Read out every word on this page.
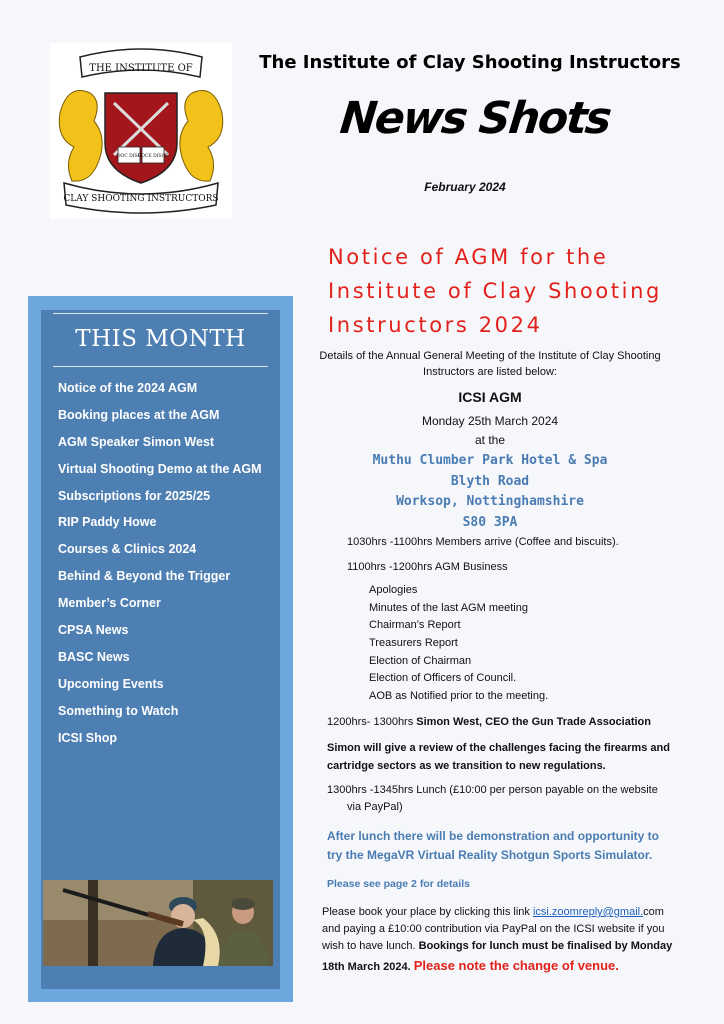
THE INSTITUTE OF
DOC DISC
DOCE DISCE
CLAY SHOOTING INSTRUCTORS
The Institute of Clay Shooting Instructors
News Shots
February 2024
THIS MONTH
Notice of the 2024 AGM
Booking places at the AGM
AGM Speaker Simon West
Virtual Shooting Demo at the AGM
Subscriptions for 2025/25
RIP Paddy Howe
Courses & Clinics 2024
Behind & Beyond the Trigger
Member’s Corner
CPSA News
BASC News
Upcoming Events
Something to Watch
ICSI Shop
Notice of AGM for the
Institute of Clay Shooting
Instructors 2024
Details of the Annual General Meeting of the Institute of Clay Shooting Instructors are listed below:
ICSI AGM
Monday 25th March 2024
at the
Muthu Clumber Park Hotel & Spa
Blyth Road
Worksop, Nottinghamshire
S80 3PA
1030hrs -1100hrs Members arrive (Coffee and biscuits).
1100hrs -1200hrs AGM Business
Apologies
Minutes of the last AGM meeting
Chairman’s Report
Treasurers Report
Election of Chairman
Election of Officers of Council.
AOB as Notified prior to the meeting.
1200hrs- 1300hrs Simon West, CEO the Gun Trade Association
Simon will give a review of the challenges facing the firearms and
cartridge sectors as we transition to new regulations.
1300hrs -1345hrs Lunch (£10:00 per person payable on the website
via PayPal)
After lunch there will be demonstration and opportunity to
try the MegaVR Virtual Reality Shotgun Sports Simulator.
Please see page 2 for details
Please book your place by clicking this link icsi.zoomreply@gmail.com
and paying a £10:00 contribution via PayPal on the ICSI website if you
wish to have lunch. Bookings for lunch must be finalised by Monday
18th March 2024. Please note the change of venue.
